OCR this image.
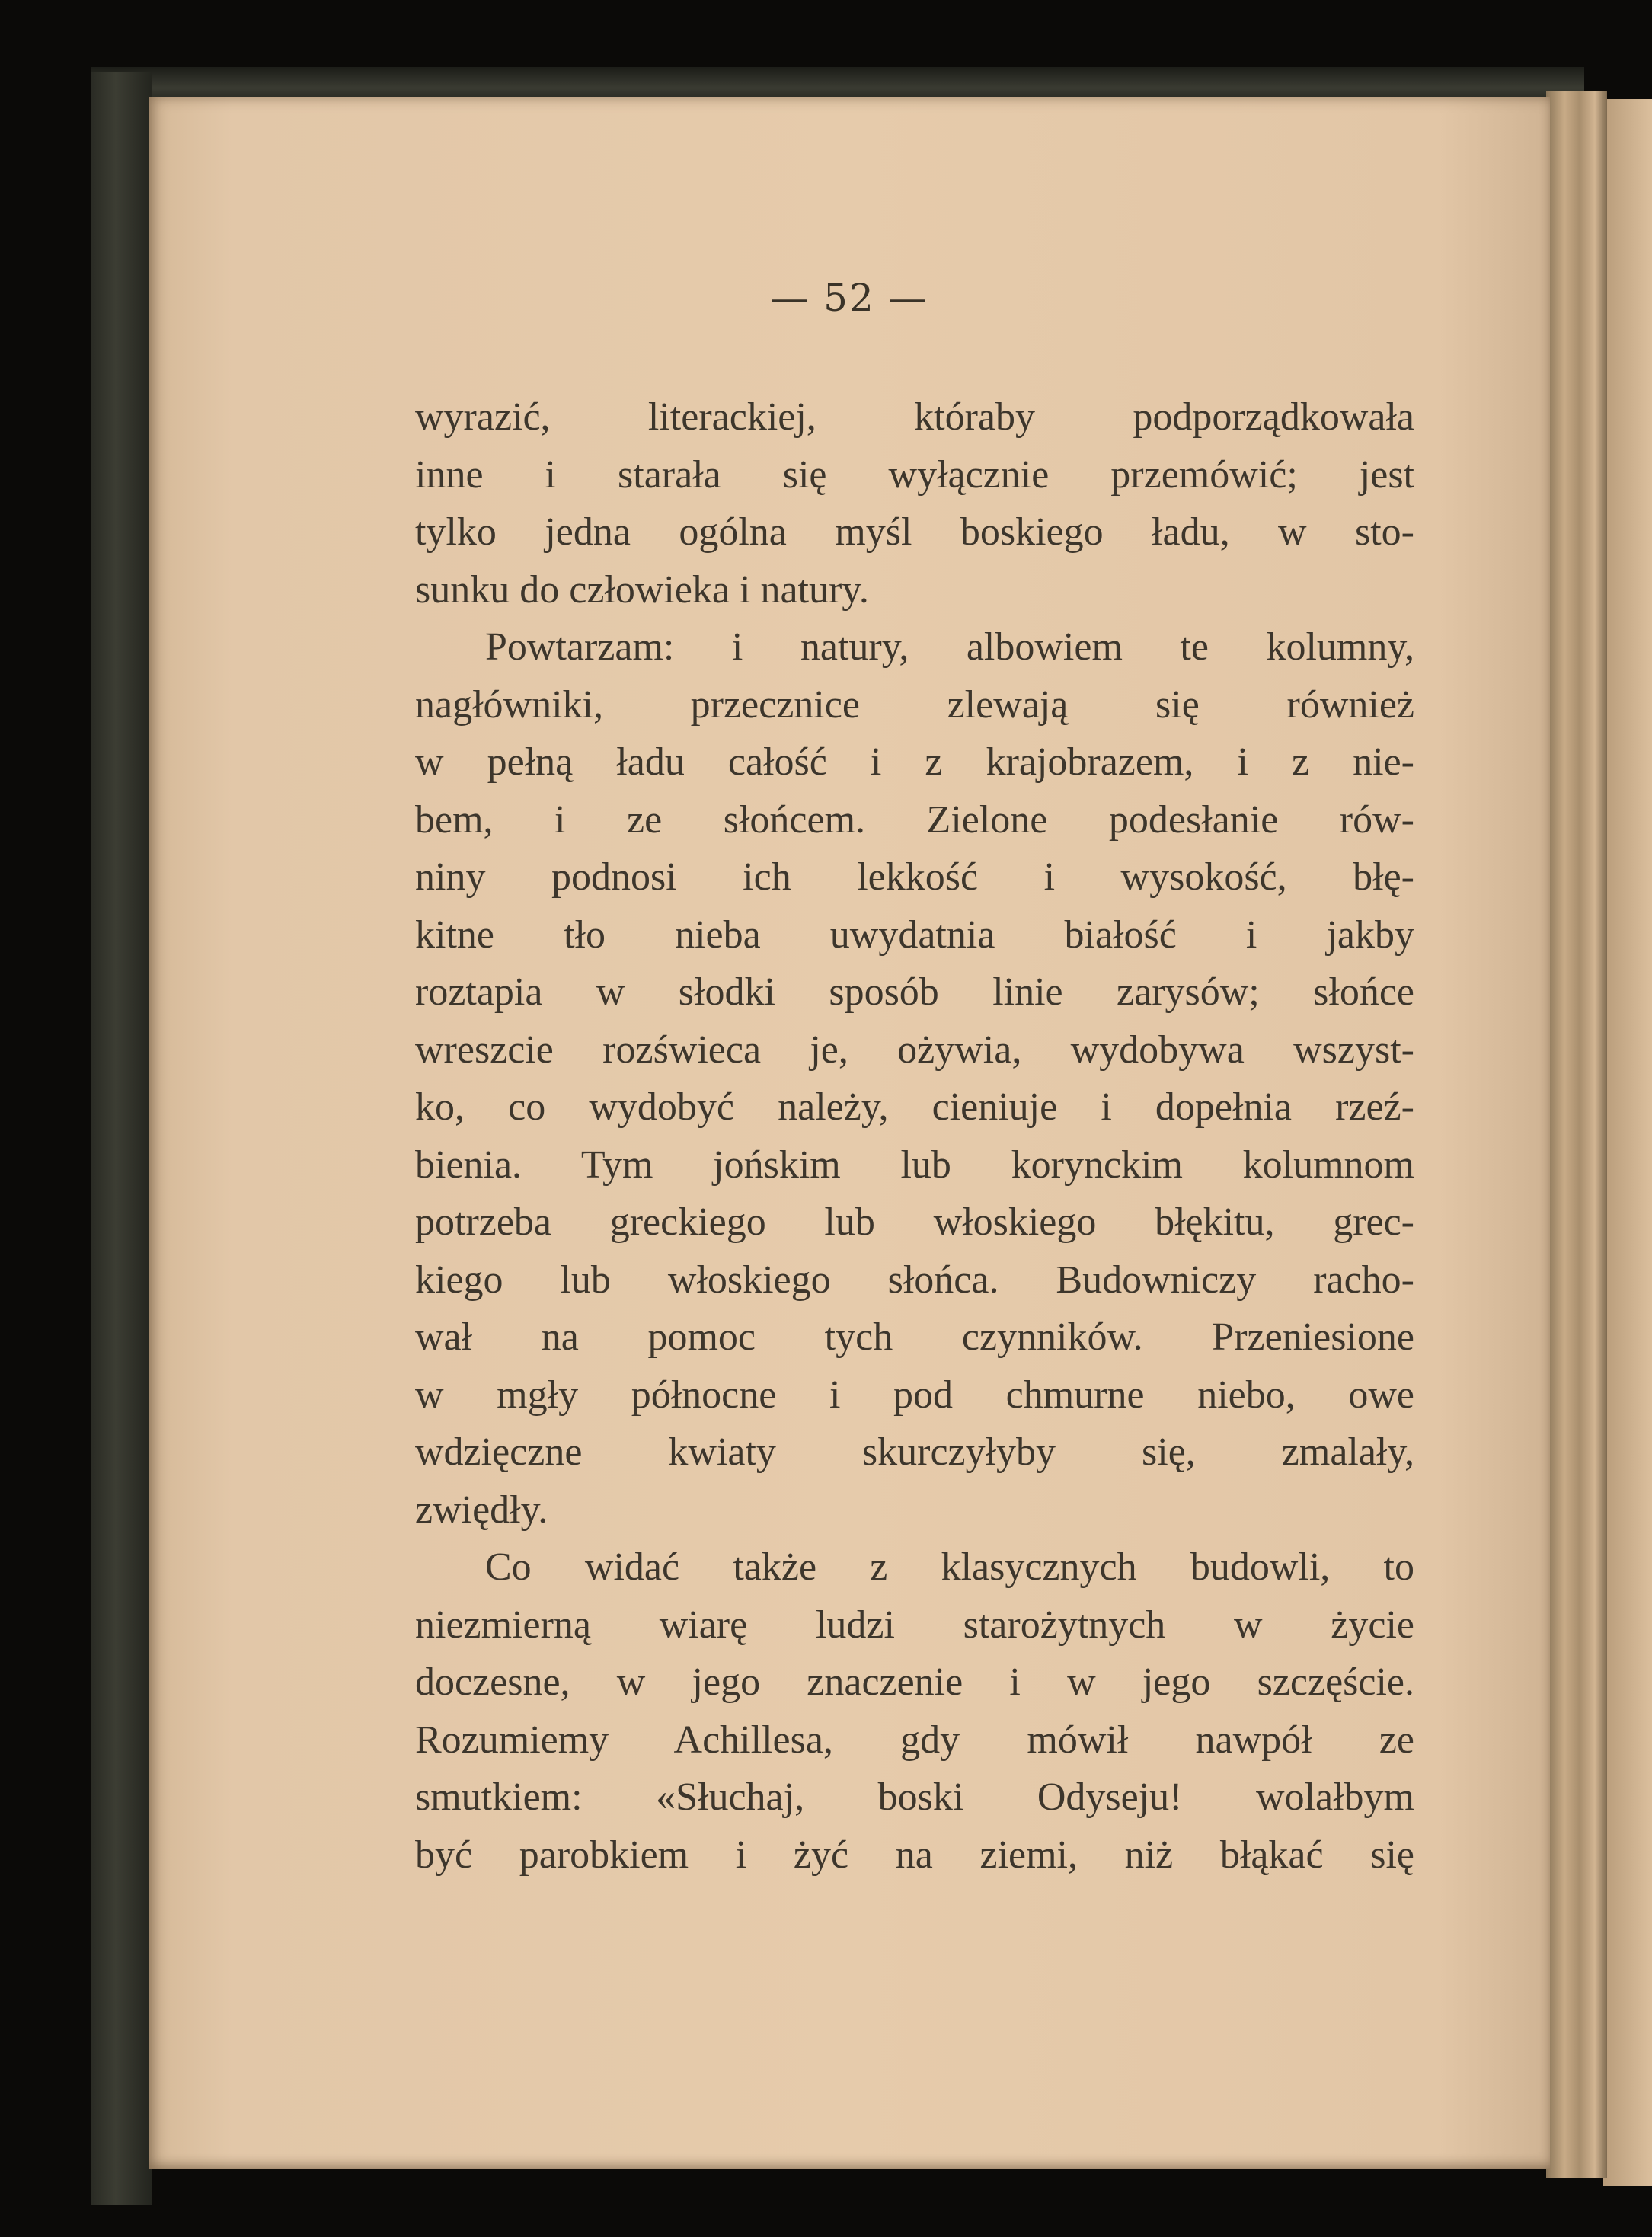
— 52 —
wyrazić, literackiej, któraby podporządkowała
inne i starała się wyłącznie przemówić; jest
tylko jedna ogólna myśl boskiego ładu, w sto-
sunku do człowieka i natury.
Powtarzam: i natury, albowiem te kolumny,
nagłówniki, przecznice zlewają się również
w pełną ładu całość i z krajobrazem, i z nie-
bem, i ze słońcem. Zielone podesłanie rów-
niny podnosi ich lekkość i wysokość, błę-
kitne tło nieba uwydatnia białość i jakby
roztapia w słodki sposób linie zarysów; słońce
wreszcie rozświeca je, ożywia, wydobywa wszyst-
ko, co wydobyć należy, cieniuje i dopełnia rzeź-
bienia. Tym jońskim lub korynckim kolumnom
potrzeba greckiego lub włoskiego błękitu, grec-
kiego lub włoskiego słońca. Budowniczy racho-
wał na pomoc tych czynników. Przeniesione
w mgły północne i pod chmurne niebo, owe
wdzięczne kwiaty skurczyłyby się, zmalały,
zwiędły.
Co widać także z klasycznych budowli, to
niezmierną wiarę ludzi starożytnych w życie
doczesne, w jego znaczenie i w jego szczęście.
Rozumiemy Achillesa, gdy mówił nawpół ze
smutkiem: «Słuchaj, boski Odyseju! wolałbym
być parobkiem i żyć na ziemi, niż błąkać się
